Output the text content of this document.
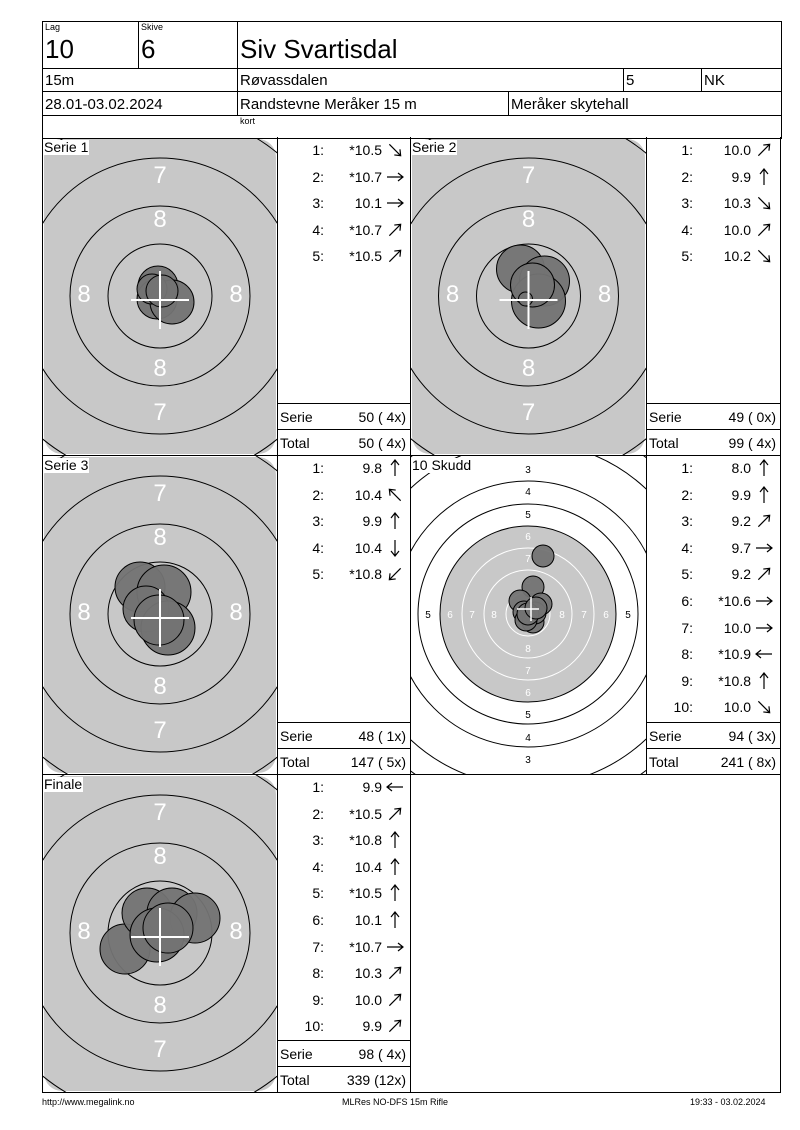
Lag
10
Skive
6	Siv Svartisdal
15m	Røvassdalen	5	NK
28.01-03.02.2024	Randstevne Meråker 15 m	Meråker skytehall
kort
7
7
8
8
8	8
Serie 1
7
7
8
8
8	8
Serie 2
7
7
8
8
8	8
Serie 3	3
3
4
4
5
5
6
6
7
7
8
5	5
6	6
7	7
8	8
10 Skudd
7
7
8
8
8	8
Finale
1:	*10.5
2:	*10.7
3:	10.1
4:	*10.7
5:	*10.5
Serie	50 ( 4x)
Total	50 ( 4x)
1:	10.0
2:	9.9
3:	10.3
4:	10.0
5:	10.2
Serie	49 ( 0x)
Total	99 ( 4x)
1:	9.8
2:	10.4
3:	9.9
4:	10.4
5:	*10.8
Serie	48 ( 1x)
Total	147 ( 5x)
1:	8.0
2:	9.9
3:	9.2
4:	9.7
5:	9.2
6:	*10.6
7:	10.0
8:	*10.9
9:	*10.8
10:	10.0
Serie	94 ( 3x)
Total	241 ( 8x)
1:	9.9
2:	*10.5
3:	*10.8
4:	10.4
5:	*10.5
6:	10.1
7:	*10.7
8:	10.3
9:	10.0
10:	9.9
Serie	98 ( 4x)
Total	339 (12x)
http://www.megalink.no	MLRes NO-DFS 15m Rifle	19:33 - 03.02.2024
